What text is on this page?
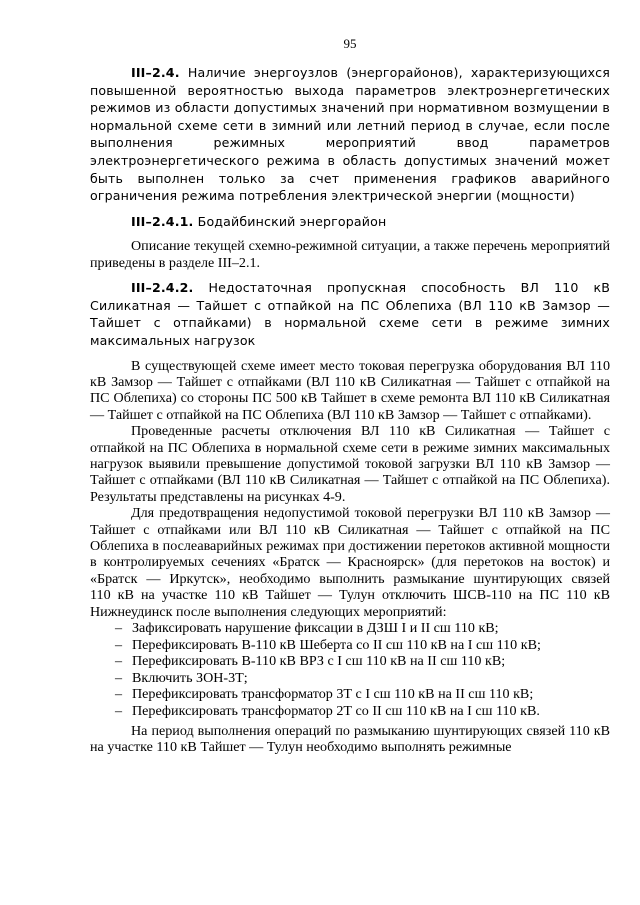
95

III–2.4. Наличие энергоузлов (энергорайонов), характеризующихся повышенной вероятностью выхода параметров электроэнергетических режимов из области допустимых значений при нормативном возмущении в нормальной схеме сети в зимний или летний период в случае, если после выполнения режимных мероприятий ввод параметров электроэнергетического режима в область допустимых значений может быть выполнен только за счет применения графиков аварийного ограничения режима потребления электрической энергии (мощности)

III–2.4.1. Бодайбинский энергорайон

Описание текущей схемно-режимной ситуации, а также перечень мероприятий приведены в разделе III–2.1.

III–2.4.2. Недостаточная пропускная способность ВЛ 110 кВ Силикатная — Тайшет с отпайкой на ПС Облепиха (ВЛ 110 кВ Замзор — Тайшет с отпайками) в нормальной схеме сети в режиме зимних максимальных нагрузок

В существующей схеме имеет место токовая перегрузка оборудования ВЛ 110 кВ Замзор — Тайшет с отпайками (ВЛ 110 кВ Силикатная — Тайшет с отпайкой на ПС Облепиха) со стороны ПС 500 кВ Тайшет в схеме ремонта ВЛ 110 кВ Силикатная — Тайшет с отпайкой на ПС Облепиха (ВЛ 110 кВ Замзор — Тайшет с отпайками).

Проведенные расчеты отключения ВЛ 110 кВ Силикатная — Тайшет с отпайкой на ПС Облепиха в нормальной схеме сети в режиме зимних максимальных нагрузок выявили превышение допустимой токовой загрузки ВЛ 110 кВ Замзор — Тайшет с отпайками (ВЛ 110 кВ Силикатная — Тайшет с отпайкой на ПС Облепиха). Результаты представлены на рисунках 4-9.

Для предотвращения недопустимой токовой перегрузки ВЛ 110 кВ Замзор — Тайшет с отпайками или ВЛ 110 кВ Силикатная — Тайшет с отпайкой на ПС Облепиха в послеаварийных режимах при достижении перетоков активной мощности в контролируемых сечениях «Братск — Красноярск» (для перетоков на восток) и «Братск — Иркутск», необходимо выполнить размыкание шунтирующих связей

110 кВ на участке 110 кВ Тайшет — Тулун отключить ШСВ-110 на ПС 110 кВ Нижнеудинск после выполнения следующих мероприятий:

– Зафиксировать нарушение фиксации в ДЗШ I и II сш 110 кВ;
– Перефиксировать В-110 кВ Шеберта со II сш 110 кВ на I сш 110 кВ;
– Перефиксировать В-110 кВ ВРЗ с I сш 110 кВ на II сш 110 кВ;
– Включить ЗОН-3Т;
– Перефиксировать трансформатор 3Т с I сш 110 кВ на II сш 110 кВ;
– Перефиксировать трансформатор 2Т со II сш 110 кВ на I сш 110 кВ.

На период выполнения операций по размыканию шунтирующих связей 110 кВ на участке 110 кВ Тайшет — Тулун необходимо выполнять режимные
